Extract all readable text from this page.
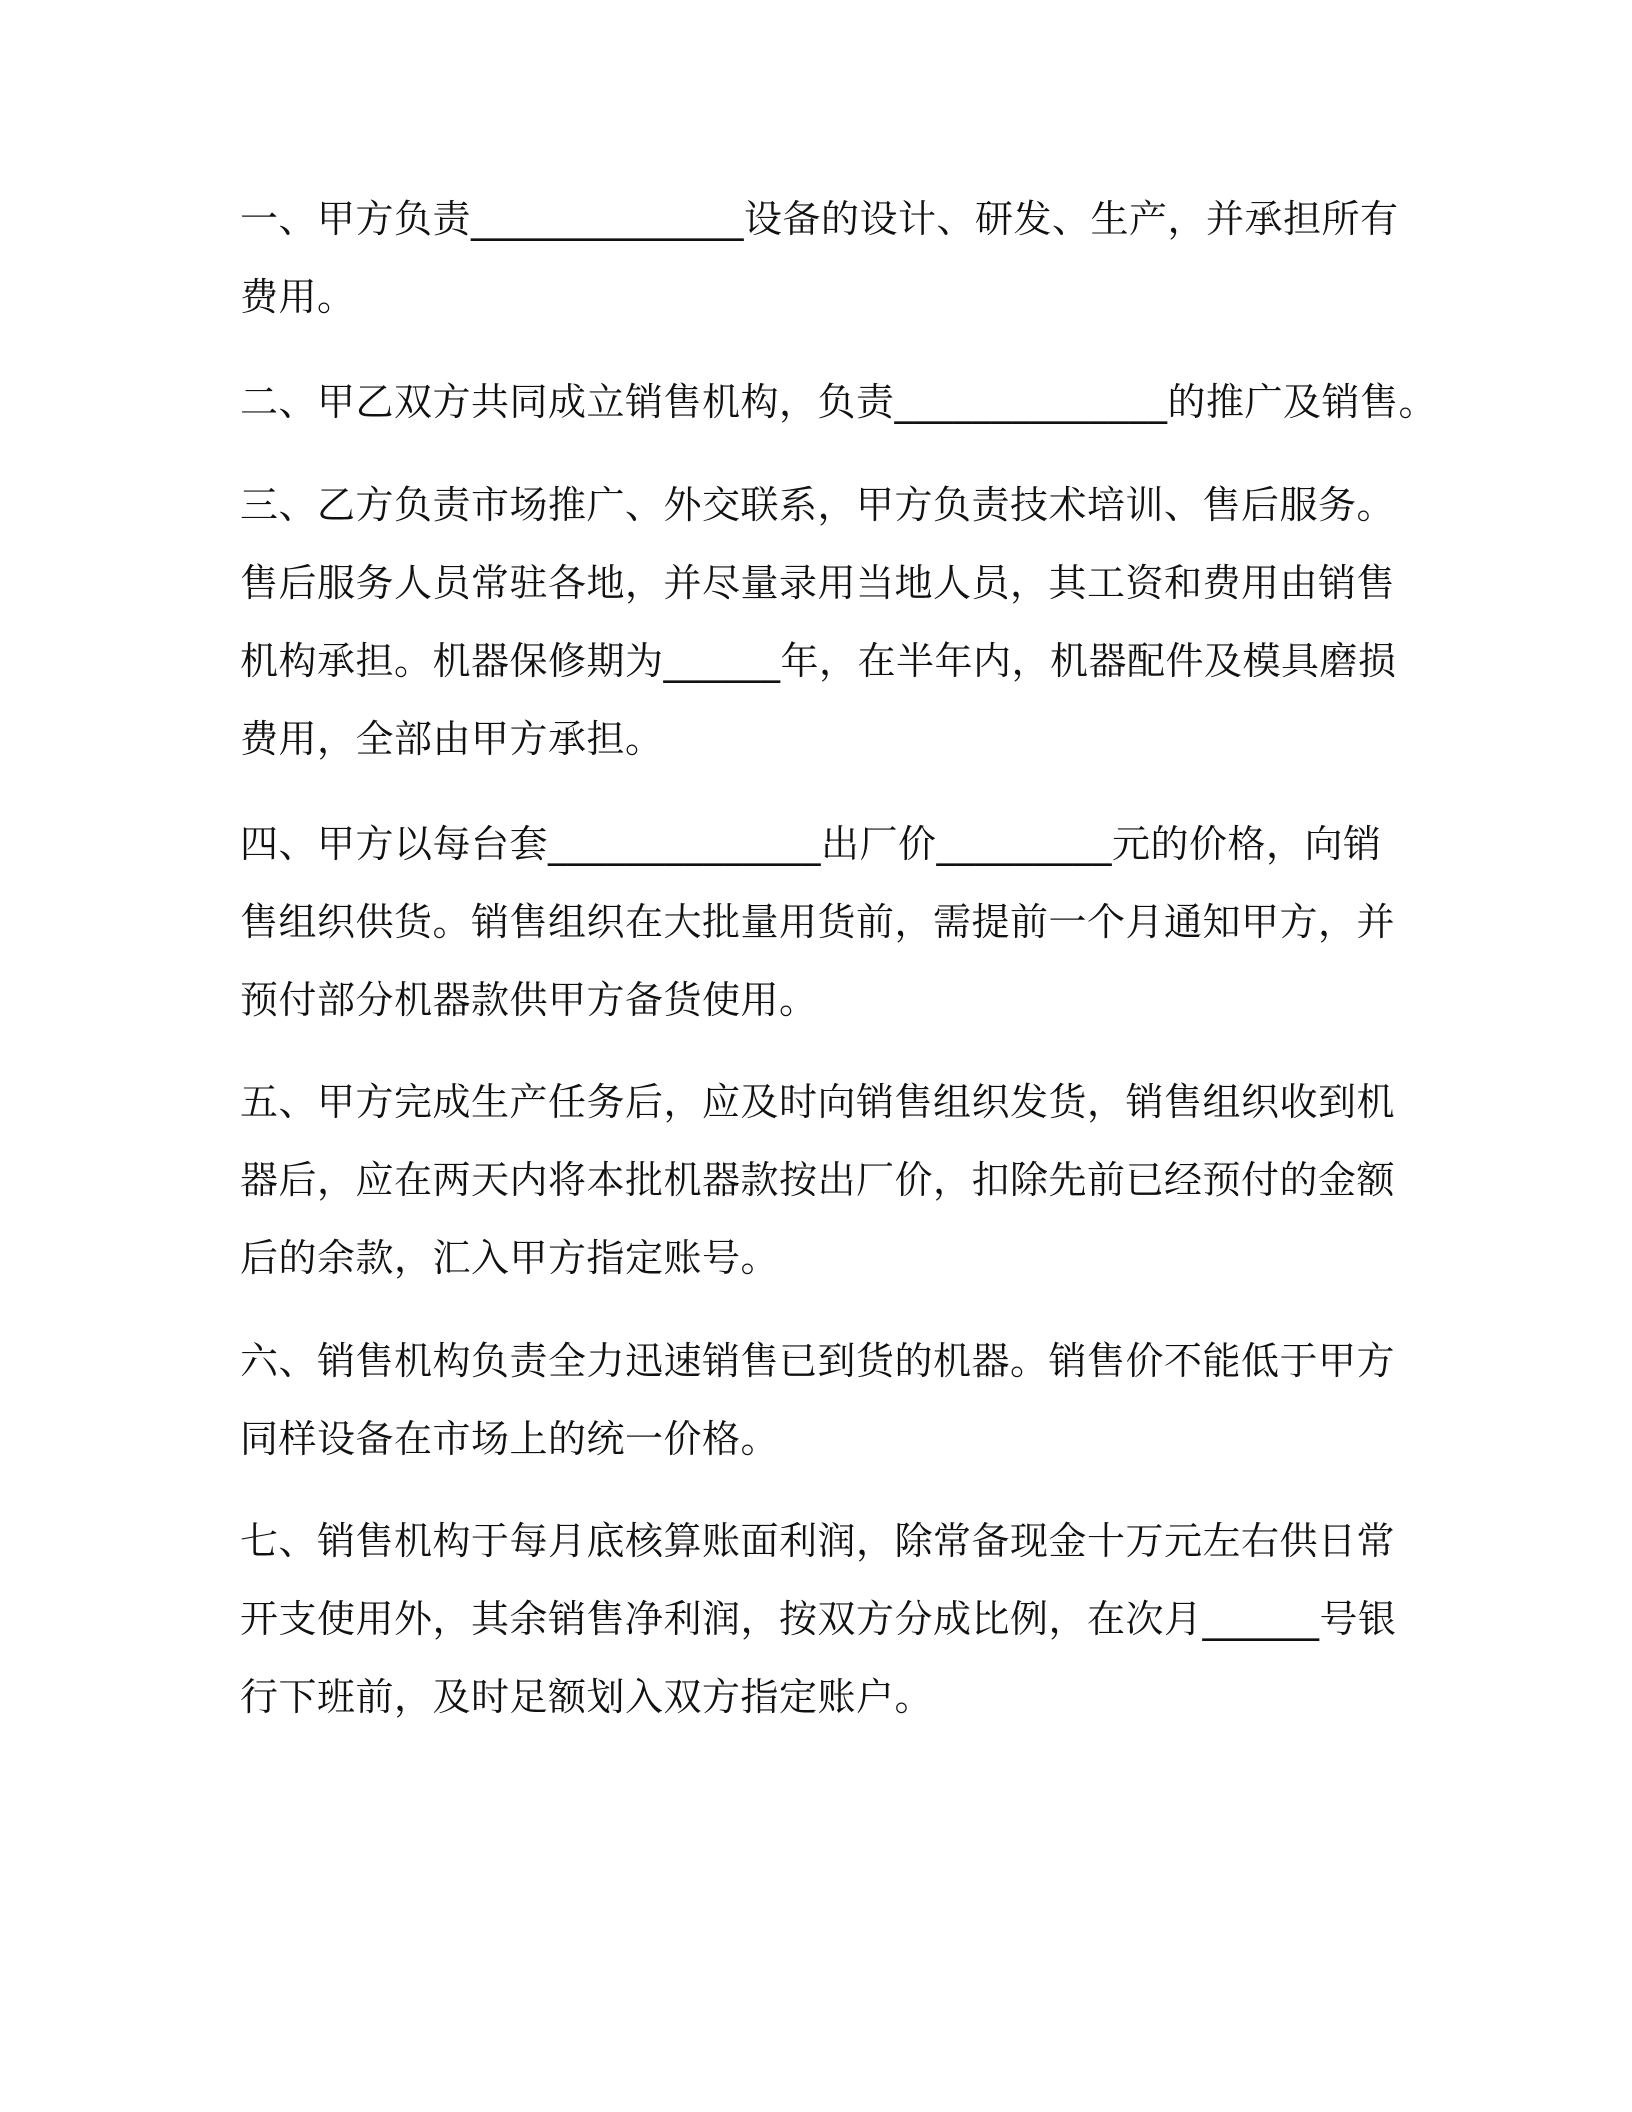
一、甲方负责______________设备的设计、研发、生产，并承担所有
费用。

二、甲乙双方共同成立销售机构，负责______________的推广及销售。

三、乙方负责市场推广、外交联系，甲方负责技术培训、售后服务。
售后服务人员常驻各地，并尽量录用当地人员，其工资和费用由销售
机构承担。机器保修期为______年，在半年内，机器配件及模具磨损
费用，全部由甲方承担。

四、甲方以每台套______________出厂价_________元的价格，向销
售组织供货。销售组织在大批量用货前，需提前一个月通知甲方，并
预付部分机器款供甲方备货使用。

五、甲方完成生产任务后，应及时向销售组织发货，销售组织收到机
器后，应在两天内将本批机器款按出厂价，扣除先前已经预付的金额
后的余款，汇入甲方指定账号。

六、销售机构负责全力迅速销售已到货的机器。销售价不能低于甲方
同样设备在市场上的统一价格。

七、销售机构于每月底核算账面利润，除常备现金十万元左右供日常
开支使用外，其余销售净利润，按双方分成比例，在次月______号银
行下班前，及时足额划入双方指定账户。
